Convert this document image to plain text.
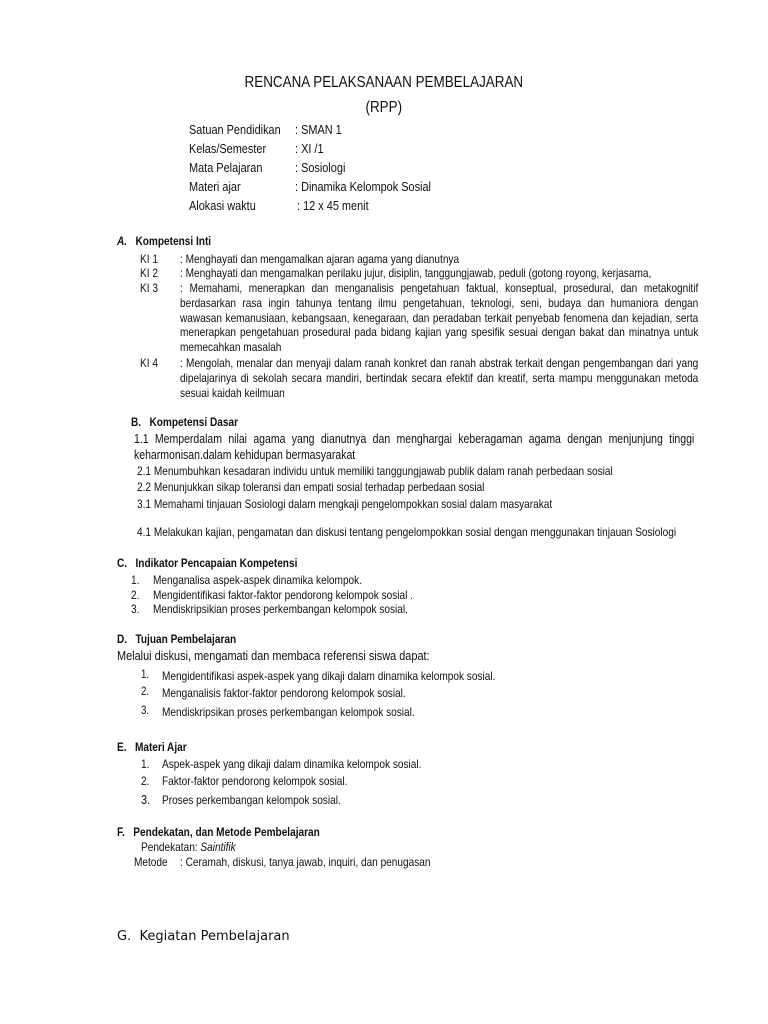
RENCANA PELAKSANAAN PEMBELAJARAN
(RPP)
Satuan Pendidikan	: SMAN 1
Kelas/Semester	: XI /1
Mata Pelajaran	: Sosiologi
Materi ajar	: Dinamika Kelompok Sosial
Alokasi waktu	: 12 x 45 menit
A. Kompetensi Inti
KI 1 : Menghayati dan mengamalkan ajaran agama yang dianutnya
KI 2 : Menghayati dan mengamalkan perilaku jujur, disiplin, tanggungjawab, peduli (gotong royong, kerjasama,
KI 3 : Memahami, menerapkan dan menganalisis pengetahuan faktual, konseptual, prosedural, dan metakognitif berdasarkan rasa ingin tahunya tentang ilmu pengetahuan, teknologi, seni, budaya dan humaniora dengan wawasan kemanusiaan, kebangsaan, kenegaraan, dan peradaban terkait penyebab fenomena dan kejadian, serta menerapkan pengetahuan prosedural pada bidang kajian yang spesifik sesuai dengan bakat dan minatnya untuk memecahkan masalah
KI 4 : Mengolah, menalar dan menyaji dalam ranah konkret dan ranah abstrak terkait dengan pengembangan dari yang dipelajarinya di sekolah secara mandiri, bertindak secara efektif dan kreatif, serta mampu menggunakan metoda sesuai kaidah keilmuan
B. Kompetensi Dasar
1.1 Memperdalam nilai agama yang dianutnya dan menghargai keberagaman agama dengan menjunjung tinggi keharmonisan.dalam kehidupan bermasyarakat
2.1 Menumbuhkan kesadaran individu untuk memiliki tanggungjawab publik dalam ranah perbedaan sosial
2.2 Menunjukkan sikap toleransi dan empati sosial terhadap perbedaan sosial
3.1 Memahami tinjauan Sosiologi dalam mengkaji pengelompokkan sosial dalam masyarakat
4.1 Melakukan kajian, pengamatan dan diskusi tentang pengelompokkan sosial dengan menggunakan tinjauan Sosiologi
C. Indikator Pencapaian Kompetensi
1. Menganalisa aspek-aspek dinamika kelompok.
2. Mengidentifikasi faktor-faktor pendorong kelompok sosial .
3. Mendiskripsikian proses perkembangan kelompok sosial.
D. Tujuan Pembelajaran
Melalui diskusi, mengamati dan membaca referensi siswa dapat:
1. Mengidentifikasi aspek-aspek yang dikaji dalam dinamika kelompok sosial.
2. Menganalisis faktor-faktor pendorong kelompok sosial.
3. Mendiskripsikan proses perkembangan kelompok sosial.
E. Materi Ajar
1. Aspek-aspek yang dikaji dalam dinamika kelompok sosial.
2. Faktor-faktor pendorong kelompok sosial.
3. Proses perkembangan kelompok sosial.
F. Pendekatan, dan Metode Pembelajaran
Pendekatan: Saintifik
Metode	: Ceramah, diskusi, tanya jawab, inquiri, dan penugasan
G. Kegiatan Pembelajaran
